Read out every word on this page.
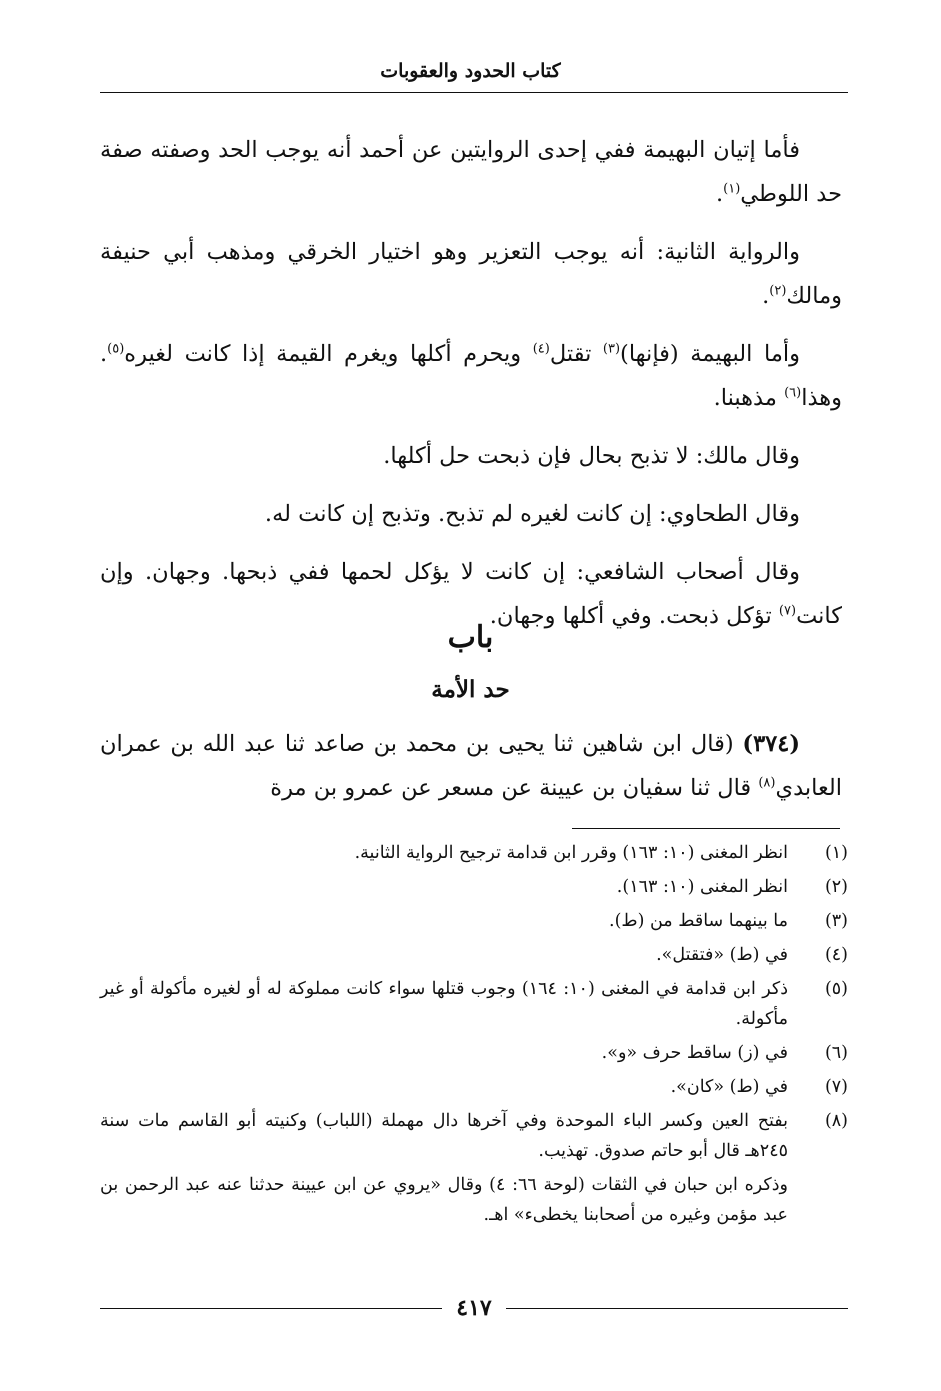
كتاب الحدود والعقوبات

فأما إتيان البهيمة ففي إحدى الروايتين عن أحمد أنه يوجب الحد وصفته صفة حد اللوطي$^{(١)}$.

والرواية الثانية: أنه يوجب التعزير وهو اختيار الخرقي ومذهب أبي حنيفة ومالك$^{(٢)}$.

وأما البهيمة (فإنها)$^{(٣)}$ تقتل$^{(٤)}$ ويحرم أكلها ويغرم القيمة إذا كانت لغيره$^{(٥)}$. وهذا$^{(٦)}$ مذهبنا.

وقال مالك: لا تذبح بحال فإن ذبحت حل أكلها.

وقال الطحاوي: إن كانت لغيره لم تذبح. وتذبح إن كانت له.

وقال أصحاب الشافعي: إن كانت لا يؤكل لحمها ففي ذبحها. وجهان. وإن كانت$^{(٧)}$ تؤكل ذبحت. وفي أكلها وجهان.

باب
حد الأمة

(٣٧٤) (قال ابن شاهين ثنا يحيى بن محمد بن صاعد ثنا عبد الله بن عمران العابدي$^{(٨)}$ قال ثنا سفيان بن عيينة عن مسعر عن عمرو بن مرة

(١)
انظر المغنى (١٠: ١٦٣) وقرر ابن قدامة ترجيح الرواية الثانية.
(٢)
انظر المغنى (١٠: ١٦٣).
(٣)
ما بينهما ساقط من (ط).
(٤)
في (ط) «فتقتل».
(٥)
ذكر ابن قدامة في المغنى (١٠: ١٦٤) وجوب قتلها سواء كانت مملوكة له أو لغيره مأكولة أو غير مأكولة.
(٦)
في (ز) ساقط حرف «و».
(٧)
في (ط) «كان».
(٨)
بفتح العين وكسر الباء الموحدة وفي آخرها دال مهملة (اللباب) وكنيته أبو القاسم مات سنة ٢٤٥هـ قال أبو حاتم صدوق. تهذيب.
وذكره ابن حبان في الثقات (لوحة ٦٦: ٤) وقال «يروي عن ابن عيينة حدثنا عنه عبد الرحمن بن عبد مؤمن وغيره من أصحابنا يخطىء» اهـ.
٤١٧
